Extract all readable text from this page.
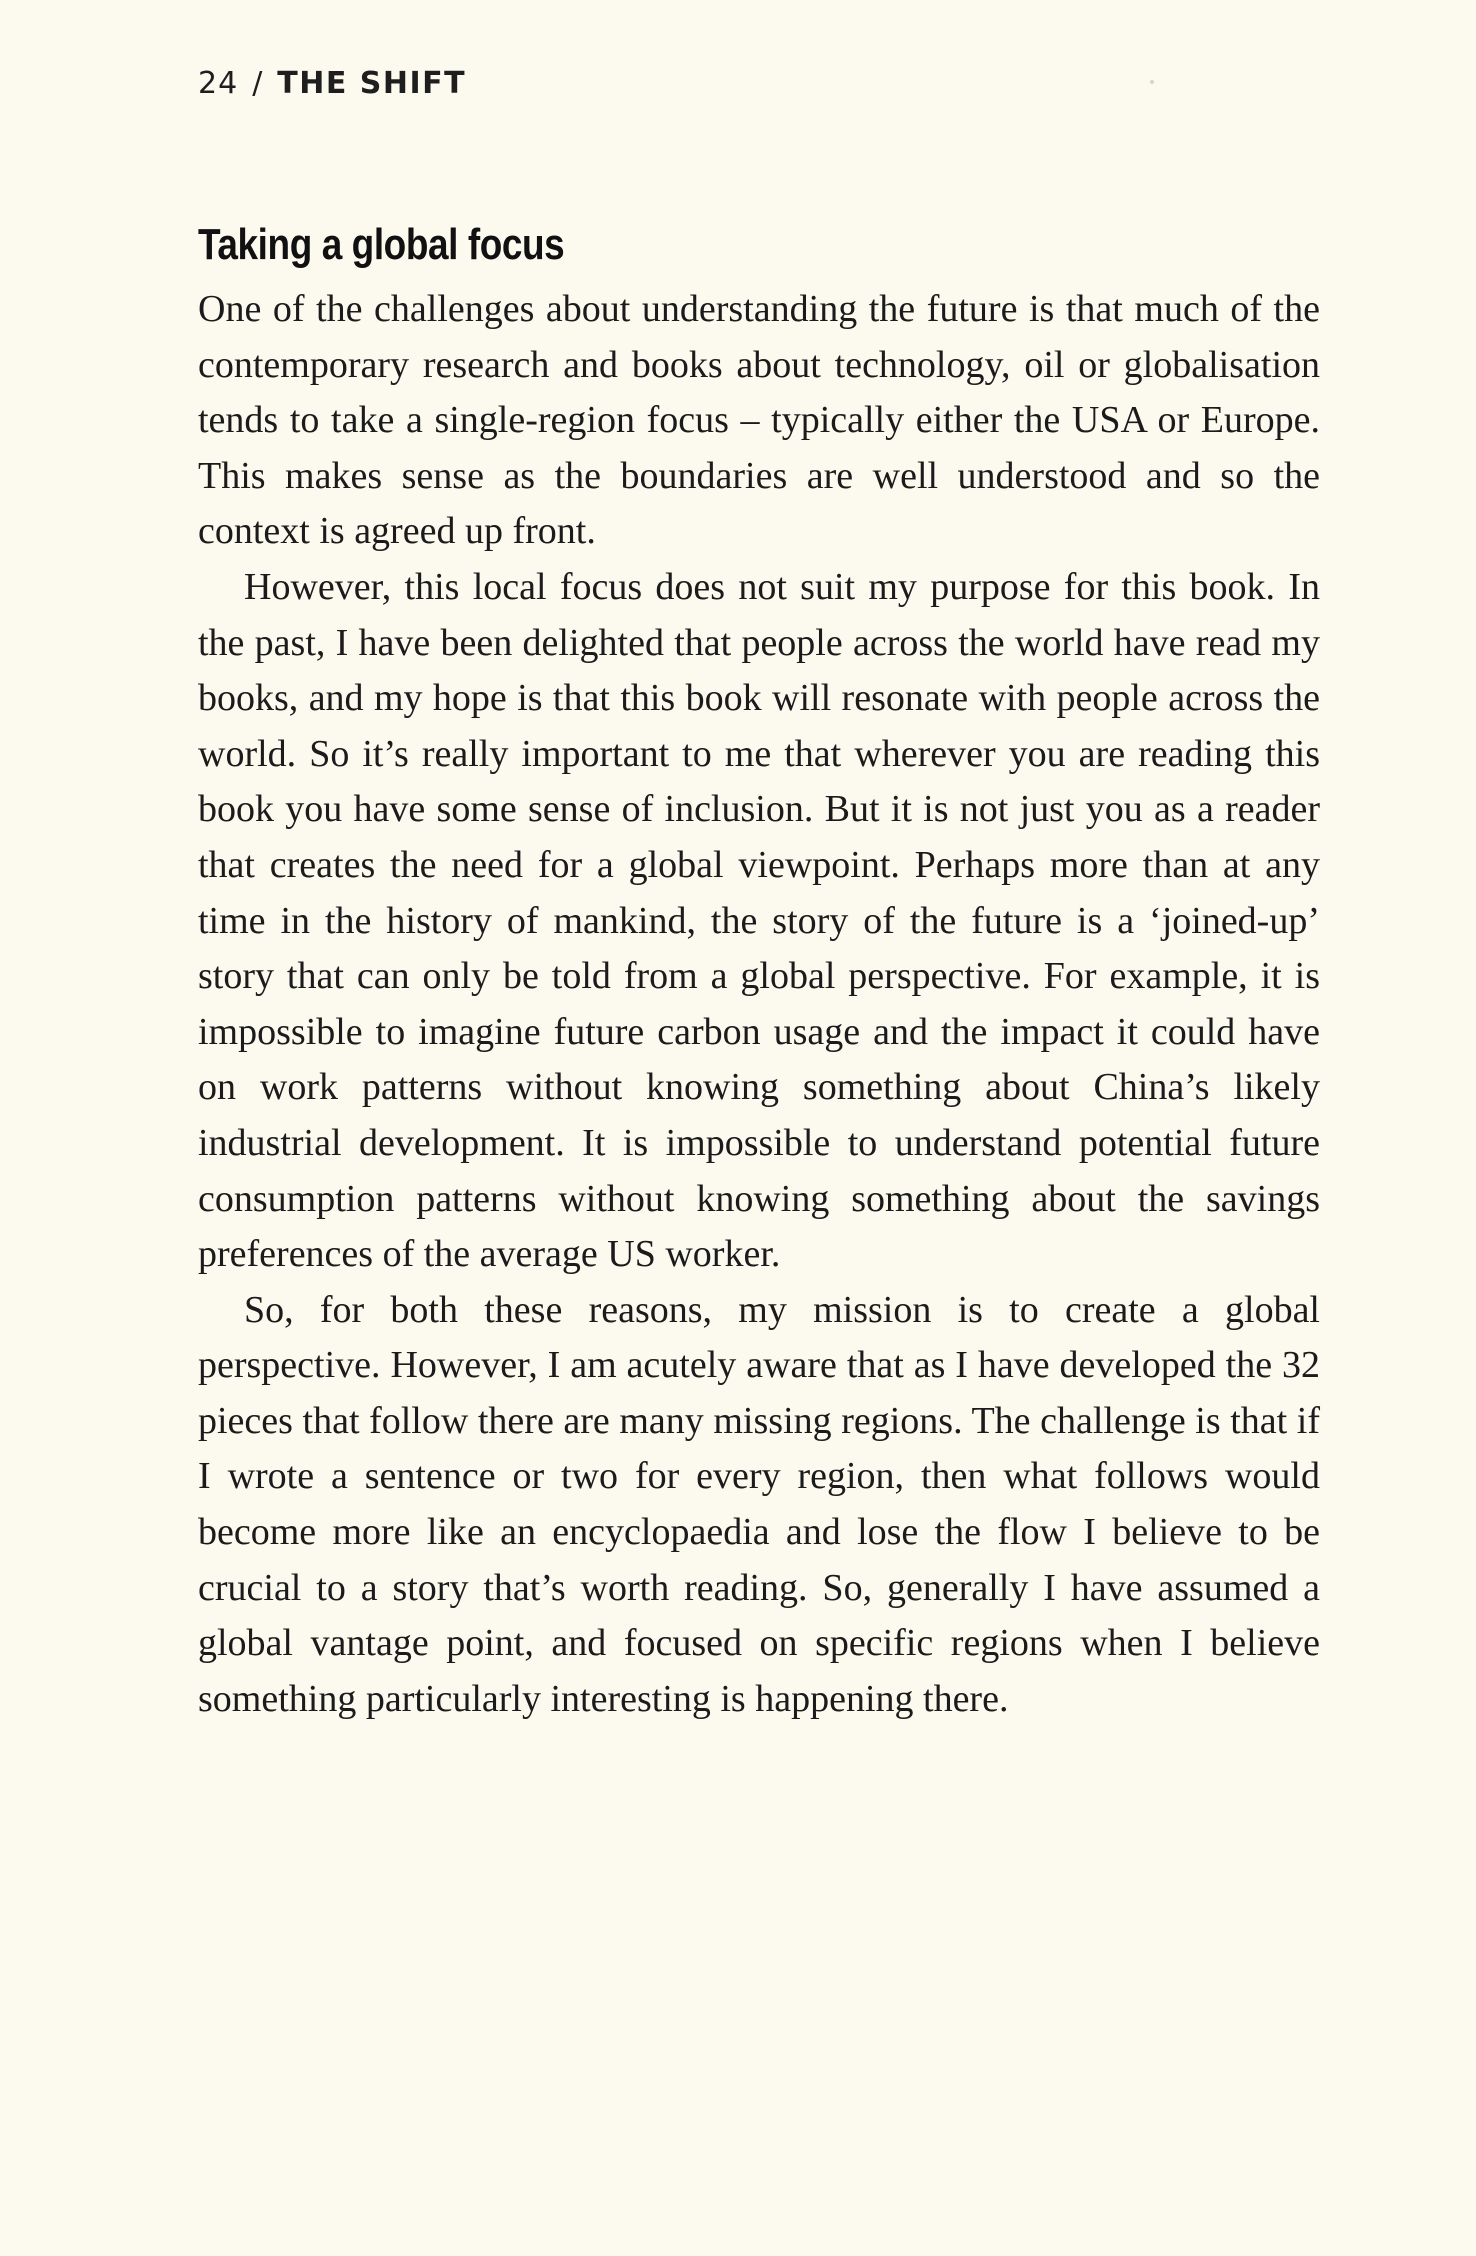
24 / THE SHIFT
Taking a global focus

One of the challenges about understanding the future is that much of the contemporary research and books about technology, oil or globalisation tends to take a single-region focus – typically either the USA or Europe. This makes sense as the boundaries are well understood and so the context is agreed up front.

However, this local focus does not suit my purpose for this book. In the past, I have been delighted that people across the world have read my books, and my hope is that this book will resonate with people across the world. So it’s really important to me that wherever you are reading this book you have some sense of inclusion. But it is not just you as a reader that creates the need for a global viewpoint. Perhaps more than at any time in the history of mankind, the story of the future is a ‘joined-up’ story that can only be told from a global perspective. For example, it is impossible to imagine future carbon usage and the impact it could have on work patterns without knowing something about China’s likely industrial development. It is impossible to understand potential future consumption patterns without knowing something about the savings preferences of the average US worker.

So, for both these reasons, my mission is to create a global perspective. However, I am acutely aware that as I have developed the 32 pieces that follow there are many missing regions. The challenge is that if I wrote a sentence or two for every region, then what follows would become more like an encyclopaedia and lose the flow I believe to be crucial to a story that’s worth reading. So, generally I have assumed a global vantage point, and focused on specific regions when I believe something particularly interesting is happening there.
